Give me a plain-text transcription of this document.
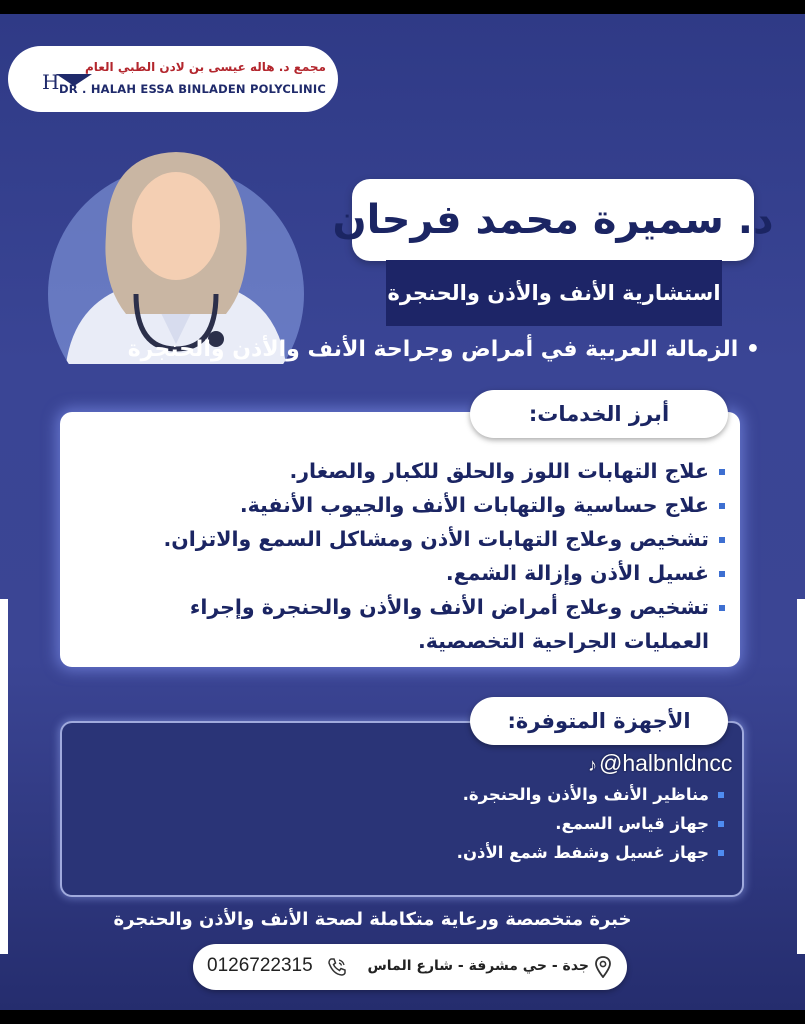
H
مجمع د. هاله عيسى بن لادن الطبي العام
DR . HALAH ESSA BINLADEN POLYCLINIC
د. سميرة محمد فرحان
استشارية الأنف والأذن والحنجرة
• الزمالة العربية في أمراض وجراحة الأنف والأذن والحنجرة
أبرز الخدمات:
علاج التهابات اللوز والحلق للكبار والصغار.
علاج حساسية والتهابات الأنف والجيوب الأنفية.
تشخيص وعلاج التهابات الأذن ومشاكل السمع والاتزان.
غسيل الأذن وإزالة الشمع.
تشخيص وعلاج أمراض الأنف والأذن والحنجرة وإجراء العمليات الجراحية التخصصية.
الأجهزة المتوفرة:
♪@halbnldncc
مناظير الأنف والأذن والحنجرة.
جهاز قياس السمع.
جهاز غسيل وشفط شمع الأذن.
خبرة متخصصة ورعاية متكاملة لصحة الأنف والأذن والحنجرة
جدة - حي مشرفة - شارع الماس
0126722315
